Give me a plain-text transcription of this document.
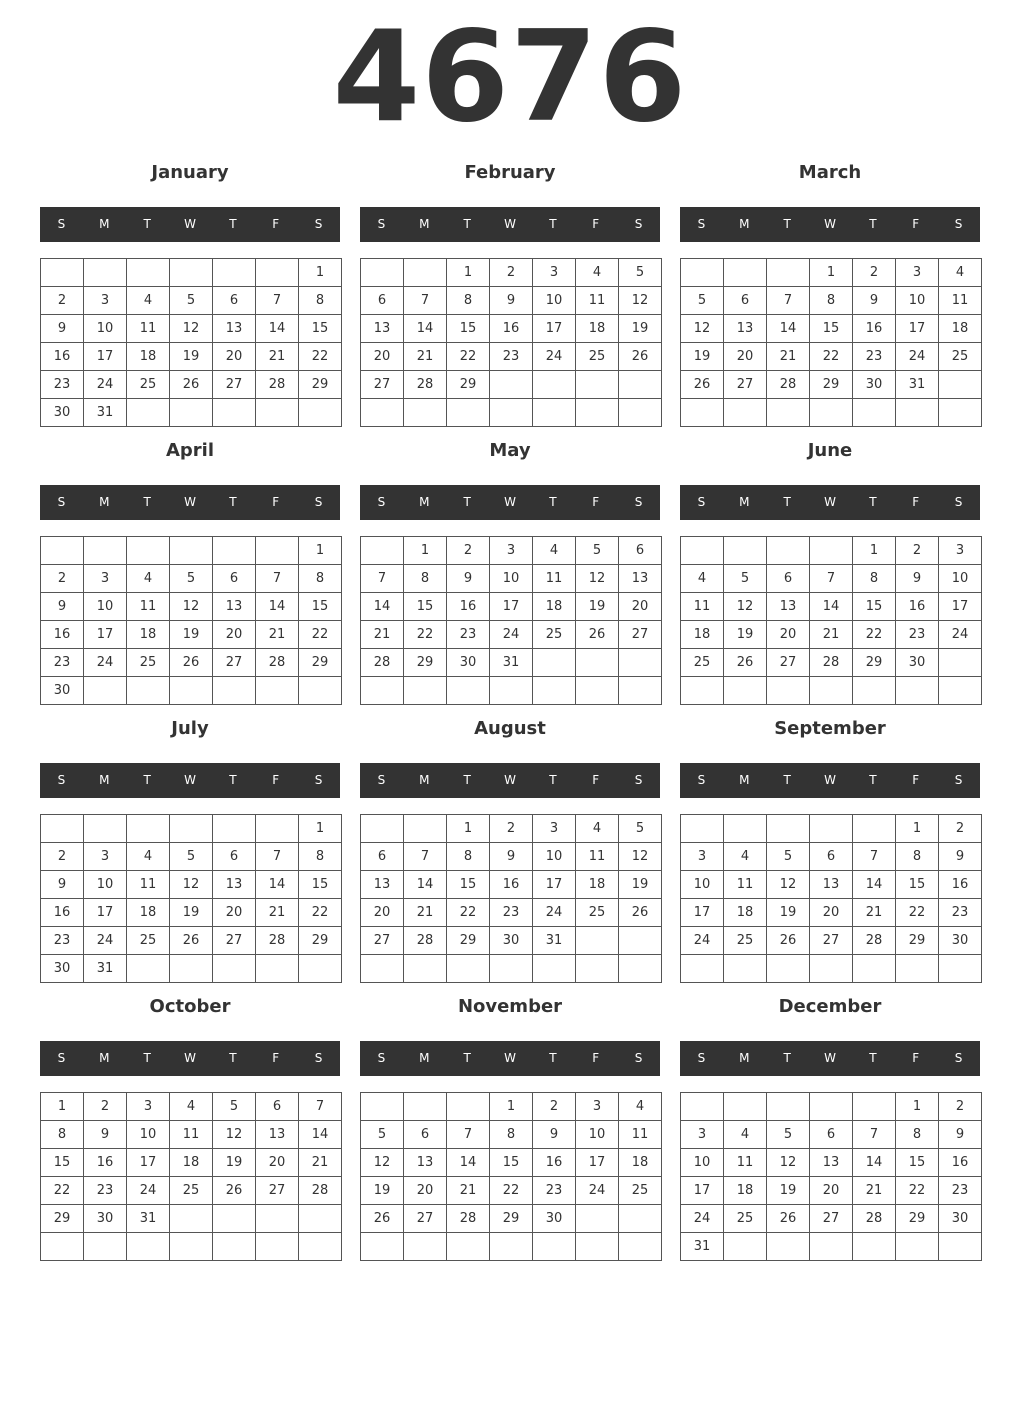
4676
January
S	M	T	W	T	F	S
						1
2	3	4	5	6	7	8
9	10	11	12	13	14	15
16	17	18	19	20	21	22
23	24	25	26	27	28	29
30	31					
February
S	M	T	W	T	F	S
		1	2	3	4	5
6	7	8	9	10	11	12
13	14	15	16	17	18	19
20	21	22	23	24	25	26
27	28	29				

March
S	M	T	W	T	F	S
			1	2	3	4
5	6	7	8	9	10	11
12	13	14	15	16	17	18
19	20	21	22	23	24	25
26	27	28	29	30	31	

April
S	M	T	W	T	F	S
						1
2	3	4	5	6	7	8
9	10	11	12	13	14	15
16	17	18	19	20	21	22
23	24	25	26	27	28	29
30						
May
S	M	T	W	T	F	S
	1	2	3	4	5	6
7	8	9	10	11	12	13
14	15	16	17	18	19	20
21	22	23	24	25	26	27
28	29	30	31			

June
S	M	T	W	T	F	S
				1	2	3
4	5	6	7	8	9	10
11	12	13	14	15	16	17
18	19	20	21	22	23	24
25	26	27	28	29	30	

July
S	M	T	W	T	F	S
						1
2	3	4	5	6	7	8
9	10	11	12	13	14	15
16	17	18	19	20	21	22
23	24	25	26	27	28	29
30	31					
August
S	M	T	W	T	F	S
		1	2	3	4	5
6	7	8	9	10	11	12
13	14	15	16	17	18	19
20	21	22	23	24	25	26
27	28	29	30	31		

September
S	M	T	W	T	F	S
					1	2
3	4	5	6	7	8	9
10	11	12	13	14	15	16
17	18	19	20	21	22	23
24	25	26	27	28	29	30

October
S	M	T	W	T	F	S
1	2	3	4	5	6	7
8	9	10	11	12	13	14
15	16	17	18	19	20	21
22	23	24	25	26	27	28
29	30	31				

November
S	M	T	W	T	F	S
			1	2	3	4
5	6	7	8	9	10	11
12	13	14	15	16	17	18
19	20	21	22	23	24	25
26	27	28	29	30		

December
S	M	T	W	T	F	S
					1	2
3	4	5	6	7	8	9
10	11	12	13	14	15	16
17	18	19	20	21	22	23
24	25	26	27	28	29	30
31						
